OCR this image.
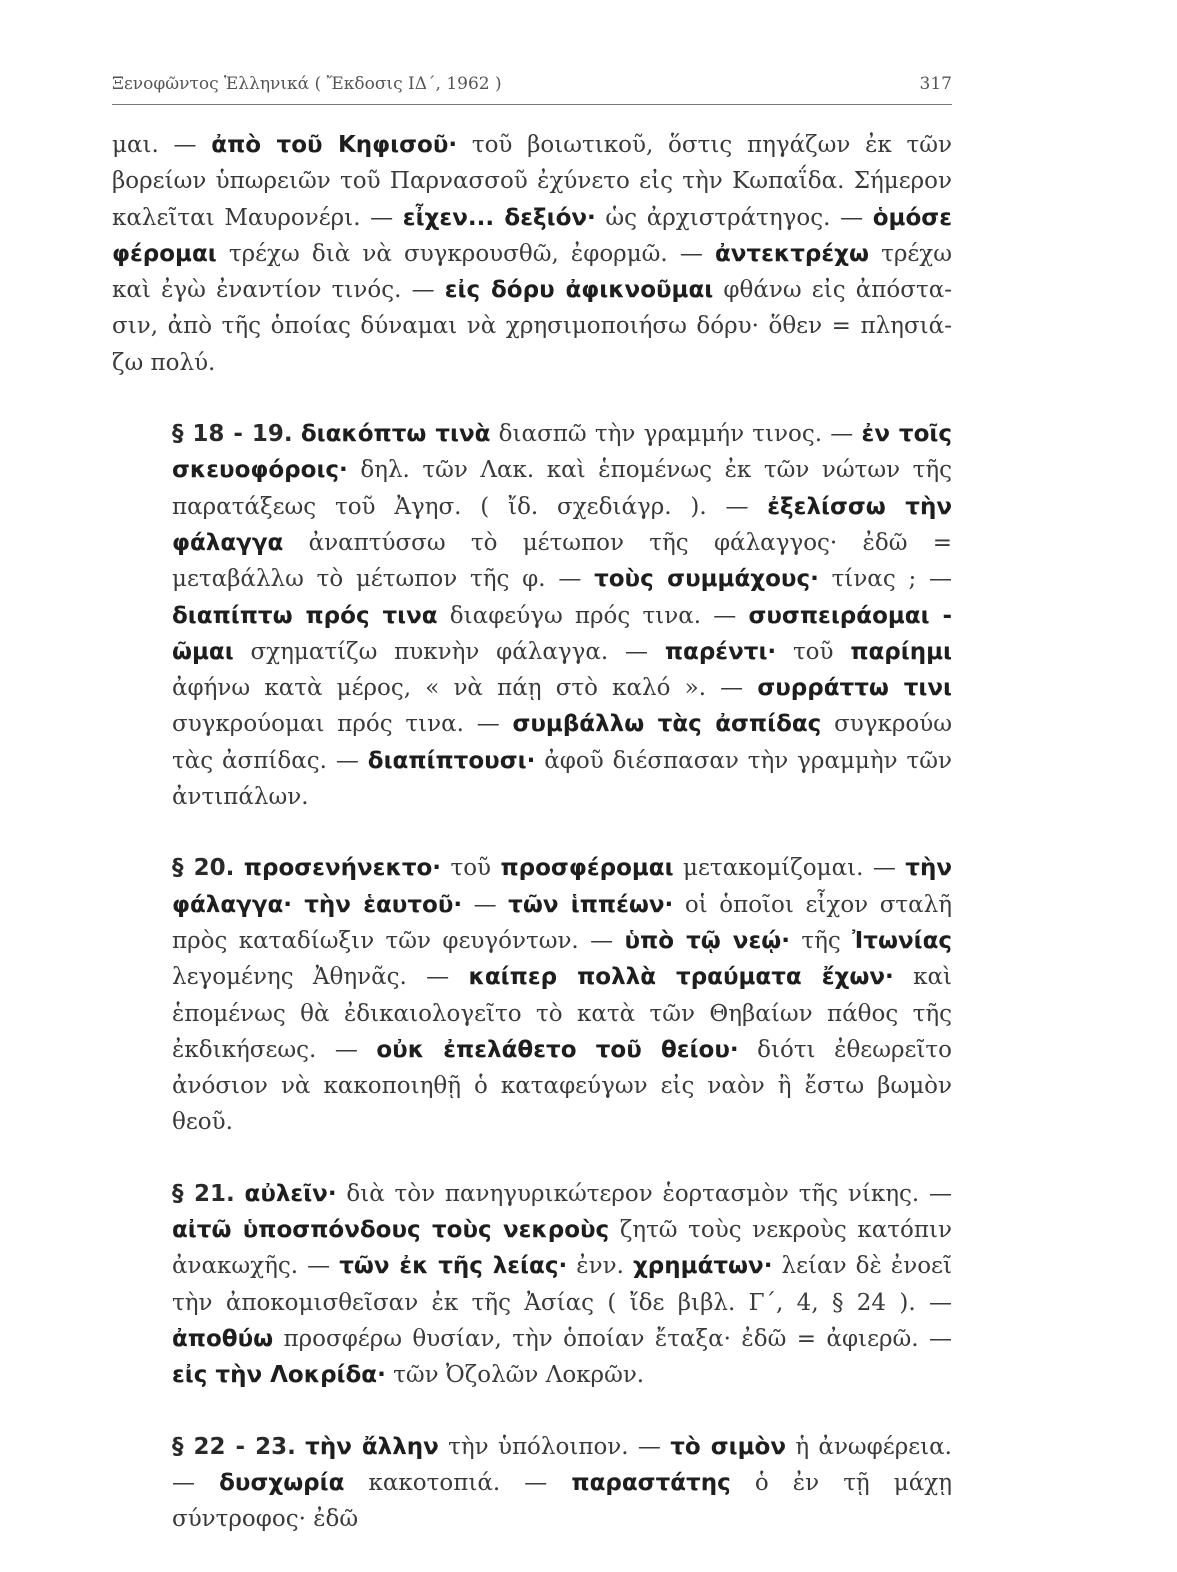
Ξενοφῶντος Ἑλληνικά ( Ἔκδοσις ΙΔ΄, 1962 )	317

μαι. — ἀπὸ τοῦ Κηφισοῦ· τοῦ βοιωτικοῦ, ὅστις πηγάζων ἐκ τῶν βορείων ὑπωρειῶν τοῦ Παρνασσοῦ ἐχύνετο εἰς τὴν Κωπαΐδα. Σήμερον καλεῖται Μαυρονέρι. — εἶχεν... δεξιόν· ὡς ἀρχιστράτηγος. — ὁμόσε φέρομαι τρέχω διὰ νὰ συγκρουσθῶ, ἐφορμῶ. — ἀντεκτρέχω τρέχω καὶ ἐγὼ ἐναντίον τινός. — εἰς δόρυ ἀφικνοῦμαι φθάνω εἰς ἀπόστασιν, ἀπὸ τῆς ὁποίας δύναμαι νὰ χρησιμοποιήσω δόρυ· ὅθεν = πλησιάζω πολύ.

§ 18 - 19. διακόπτω τινὰ διασπῶ τὴν γραμμήν τινος. — ἐν τοῖς σκευοφόροις· δηλ. τῶν Λακ. καὶ ἑπομένως ἐκ τῶν νώτων τῆς παρατάξεως τοῦ Ἀγησ. ( ἴδ. σχεδιάγρ. ). — ἐξελίσσω τὴν φάλαγγα ἀναπτύσσω τὸ μέτωπον τῆς φάλαγγος· ἐδῶ = μεταβάλλω τὸ μέτωπον τῆς φ. — τοὺς συμμάχους· τίνας ; — διαπίπτω πρός τινα διαφεύγω πρός τινα. — συσπειράομαι - ῶμαι σχηματίζω πυκνὴν φάλαγγα. — παρέντι· τοῦ παρίημι ἀφήνω κατὰ μέρος, « νὰ πάῃ στὸ καλό ». — συρράττω τινι συγκρούομαι πρός τινα. — συμβάλλω τὰς ἀσπίδας συγκρούω τὰς ἀσπίδας. — διαπίπτουσι· ἀφοῦ διέσπασαν τὴν γραμμὴν τῶν ἀντιπάλων.

§ 20. προσενήνεκτο· τοῦ προσφέρομαι μετακομίζομαι. — τὴν φάλαγγα· τὴν ἑαυτοῦ· — τῶν ἱππέων· οἱ ὁποῖοι εἶχον σταλῆ πρὸς καταδίωξιν τῶν φευγόντων. — ὑπὸ τῷ νεῴ· τῆς Ἰτωνίας λεγομένης Ἀθηνᾶς. — καίπερ πολλὰ τραύματα ἔχων· καὶ ἑπομένως θὰ ἐδικαιολογεῖτο τὸ κατὰ τῶν Θηβαίων πάθος τῆς ἐκδικήσεως. — οὐκ ἐπελάθετο τοῦ θείου· διότι ἐθεωρεῖτο ἀνόσιον νὰ κακοποιηθῇ ὁ καταφεύγων εἰς ναὸν ἢ ἔστω βωμὸν θεοῦ.

§ 21. αὐλεῖν· διὰ τὸν πανηγυρικώτερον ἑορτασμὸν τῆς νίκης. — αἰτῶ ὑποσπόνδους τοὺς νεκροὺς ζητῶ τοὺς νεκροὺς κατόπιν ἀνακωχῆς. — τῶν ἐκ τῆς λείας· ἐνν. χρημάτων· λείαν δὲ ἐνοεῖ τὴν ἀποκομισθεῖσαν ἐκ τῆς Ἀσίας ( ἴδε βιβλ. Γ΄, 4, § 24 ). — ἀποθύω προσφέρω θυσίαν, τὴν ὁποίαν ἔταξα· ἐδῶ = ἀφιερῶ. — εἰς τὴν Λοκρίδα· τῶν Ὀζολῶν Λοκρῶν.

§ 22 - 23. τὴν ἄλλην τὴν ὑπόλοιπον. — τὸ σιμὸν ἡ ἀνωφέρεια. — δυσχωρία κακοτοπιά. — παραστάτης ὁ ἐν τῇ μάχῃ σύντροφος· ἐδῶ
